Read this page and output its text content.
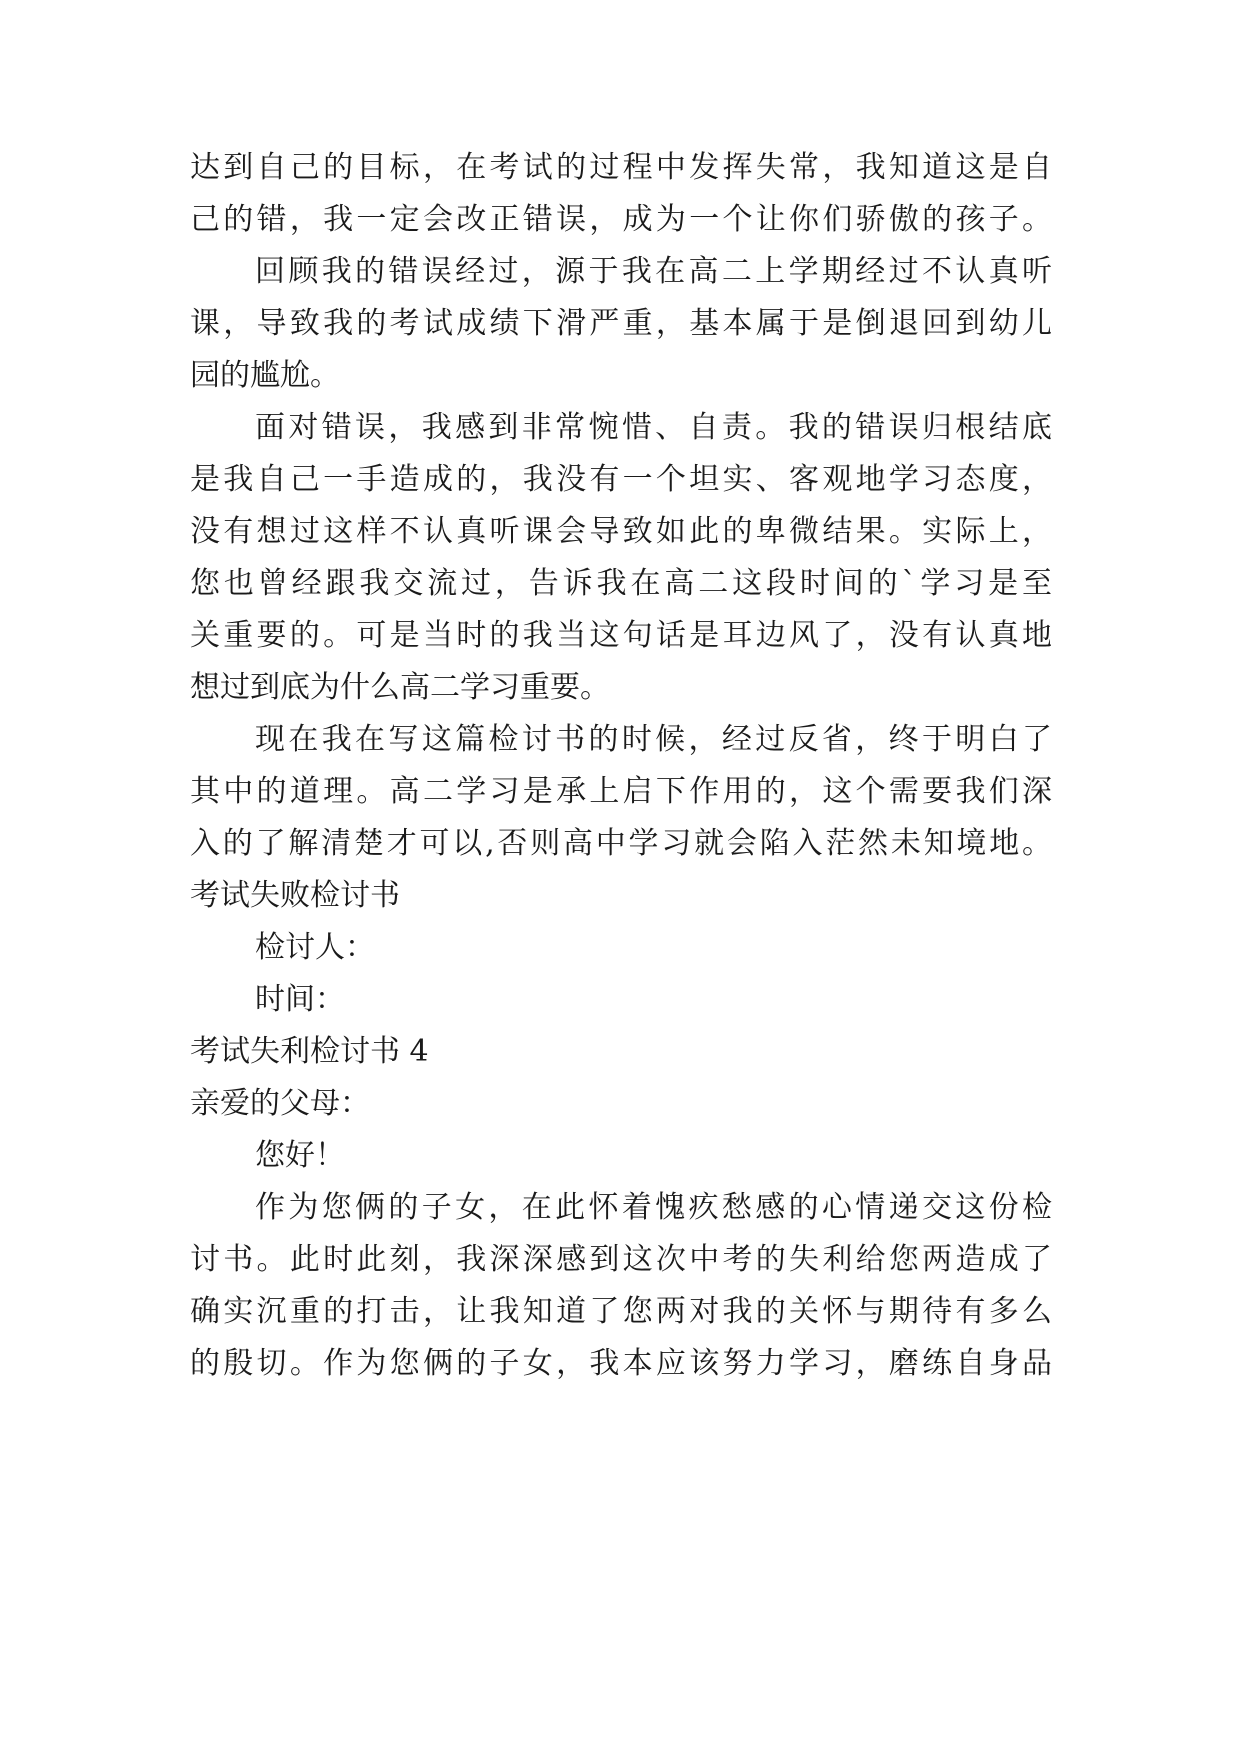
达到自己的目标，在考试的过程中发挥失常，我知道这是自
己的错，我一定会改正错误，成为一个让你们骄傲的孩子。
回顾我的错误经过，源于我在高二上学期经过不认真听
课，导致我的考试成绩下滑严重，基本属于是倒退回到幼儿
园的尴尬。
面对错误，我感到非常惋惜、自责。我的错误归根结底
是我自己一手造成的，我没有一个坦实、客观地学习态度，
没有想过这样不认真听课会导致如此的卑微结果。实际上，
您也曾经跟我交流过，告诉我在高二这段时间的`学习是至
关重要的。可是当时的我当这句话是耳边风了，没有认真地
想过到底为什么高二学习重要。
现在我在写这篇检讨书的时候，经过反省，终于明白了
其中的道理。高二学习是承上启下作用的，这个需要我们深
入的了解清楚才可以,否则高中学习就会陷入茫然未知境地。
考试失败检讨书
检讨人：
时间：
考试失利检讨书 4
亲爱的父母：
您好！
作为您俩的子女，在此怀着愧疚愁感的心情递交这份检
讨书。此时此刻，我深深感到这次中考的失利给您两造成了
确实沉重的打击，让我知道了您两对我的关怀与期待有多么
的殷切。作为您俩的子女，我本应该努力学习，磨练自身品
